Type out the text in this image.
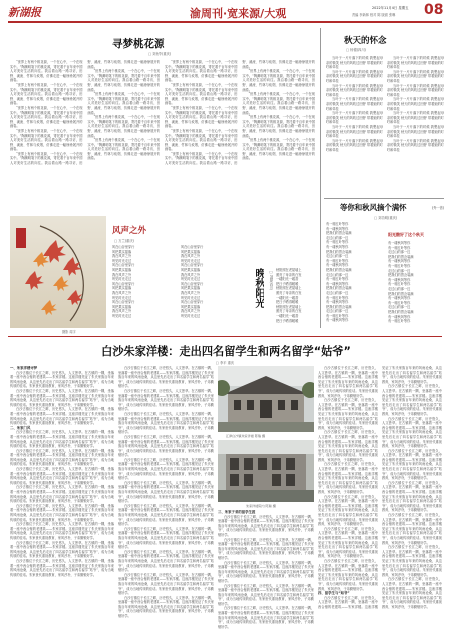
新湖报	渝周刊·宽来源/大观	2022年11月4日 星期五
责编 李新林 校对 陈 版面 张琳	08
寻梦桃花源
□ 刘鱼苓(重庆)

“世界上有两个桃花源，一个在心中，一个在现实中。”陶渊明笔下的桃花源，寄托着千百年来中国人对美好生活的向往。我沿着山路一路寻访，田野、溪流、竹林与炊烟，仿佛走进一幅徐徐展开的画卷。

“世界上有两个桃花源，一个在心中，一个在现实中。”陶渊明笔下的桃花源，寄托着千百年来中国人对美好生活的向往。我沿着山路一路寻访，田野、溪流、竹林与炊烟，仿佛走进一幅徐徐展开的画卷。

“世界上有两个桃花源，一个在心中，一个在现实中。”陶渊明笔下的桃花源，寄托着千百年来中国人对美好生活的向往。我沿着山路一路寻访，田野、溪流、竹林与炊烟，仿佛走进一幅徐徐展开的画卷。

“世界上有两个桃花源，一个在心中，一个在现实中。”陶渊明笔下的桃花源，寄托着千百年来中国人对美好生活的向往。我沿着山路一路寻访，田野、溪流、竹林与炊烟，仿佛走进一幅徐徐展开的画卷。

“世界上有两个桃花源，一个在心中，一个在现实中。”陶渊明笔下的桃花源，寄托着千百年来中国人对美好生活的向往。我沿着山路一路寻访，田野、溪流、竹林与炊烟，仿佛走进一幅徐徐展开的画卷。

“世界上有两个桃花源，一个在心中，一个在现实中。”陶渊明笔下的桃花源，寄托着千百年来中国人对美好生活的向往。我沿着山路一路寻访，田野、溪流、竹林与炊烟，仿佛走进一幅徐徐展开的画卷。

“世界上有两个桃花源，一个在心中，一个在现实中。”陶渊明笔下的桃花源，寄托着千百年来中国人对美好生活的向往。我沿着山路一路寻访，田野、溪流、竹林与炊烟，仿佛走进一幅徐徐展开的画卷。

“世界上有两个桃花源，一个在心中，一个在现实中。”陶渊明笔下的桃花源，寄托着千百年来中国人对美好生活的向往。我沿着山路一路寻访，田野、溪流、竹林与炊烟，仿佛走进一幅徐徐展开的画卷。

“世界上有两个桃花源，一个在心中，一个在现实中。”陶渊明笔下的桃花源，寄托着千百年来中国人对美好生活的向往。我沿着山路一路寻访，田野、溪流、竹林与炊烟，仿佛走进一幅徐徐展开的画卷。

“世界上有两个桃花源，一个在心中，一个在现实中。”陶渊明笔下的桃花源，寄托着千百年来中国人对美好生活的向往。我沿着山路一路寻访，田野、溪流、竹林与炊烟，仿佛走进一幅徐徐展开的画卷。

“世界上有两个桃花源，一个在心中，一个在现实中。”陶渊明笔下的桃花源，寄托着千百年来中国人对美好生活的向往。我沿着山路一路寻访，田野、溪流、竹林与炊烟，仿佛走进一幅徐徐展开的画卷。

“世界上有两个桃花源，一个在心中，一个在现实中。”陶渊明笔下的桃花源，寄托着千百年来中国人对美好生活的向往。我沿着山路一路寻访，田野、溪流、竹林与炊烟，仿佛走进一幅徐徐展开的画卷。

“世界上有两个桃花源，一个在心中，一个在现实中。”陶渊明笔下的桃花源，寄托着千百年来中国人对美好生活的向往。我沿着山路一路寻访，田野、溪流、竹林与炊烟，仿佛走进一幅徐徐展开的画卷。

“世界上有两个桃花源，一个在心中，一个在现实中。”陶渊明笔下的桃花源，寄托着千百年来中国人对美好生活的向往。我沿着山路一路寻访，田野、溪流、竹林与炊烟，仿佛走进一幅徐徐展开的画卷。

“世界上有两个桃花源，一个在心中，一个在现实中。”陶渊明笔下的桃花源，寄托着千百年来中国人对美好生活的向往。我沿着山路一路寻访，田野、溪流、竹林与炊烟，仿佛走进一幅徐徐展开的画卷。

“世界上有两个桃花源，一个在心中，一个在现实中。”陶渊明笔下的桃花源，寄托着千百年来中国人对美好生活的向往。我沿着山路一路寻访，田野、溪流、竹林与炊烟，仿佛走进一幅徐徐展开的画卷。

“世界上有两个桃花源，一个在心中，一个在现实中。”陶渊明笔下的桃花源，寄托着千百年来中国人对美好生活的向往。我沿着山路一路寻访，田野、溪流、竹林与炊烟，仿佛走进一幅徐徐展开的画卷。

“世界上有两个桃花源，一个在心中，一个在现实中。”陶渊明笔下的桃花源，寄托着千百年来中国人对美好生活的向往。我沿着山路一路寻访，田野、溪流、竹林与炊烟，仿佛走进一幅徐徐展开的画卷。

秋天的怀念
□ 杨德(四川)

当叶子一片片落下的时候 我想起母亲的微笑 秋天的风吹过田野 带着她的叮咛和牵挂

当叶子一片片落下的时候 我想起母亲的微笑 秋天的风吹过田野 带着她的叮咛和牵挂

当叶子一片片落下的时候 我想起母亲的微笑 秋天的风吹过田野 带着她的叮咛和牵挂

当叶子一片片落下的时候 我想起母亲的微笑 秋天的风吹过田野 带着她的叮咛和牵挂

当叶子一片片落下的时候 我想起母亲的微笑 秋天的风吹过田野 带着她的叮咛和牵挂

当叶子一片片落下的时候 我想起母亲的微笑 秋天的风吹过田野 带着她的叮咛和牵挂

当叶子一片片落下的时候 我想起母亲的微笑 秋天的风吹过田野 带着她的叮咛和牵挂

当叶子一片片落下的时候 我想起母亲的微笑 秋天的风吹过田野 带着她的叮咛和牵挂

当叶子一片片落下的时候 我想起母亲的微笑 秋天的风吹过田野 带着她的叮咛和牵挂

当叶子一片片落下的时候 我想起母亲的微笑 秋天的风吹过田野 带着她的叮咛和牵挂

当叶子一片片落下的时候 我想起母亲的微笑 秋天的风吹过田野 带着她的叮咛和牵挂

当叶子一片片落下的时候 我想起母亲的微笑 秋天的风吹过田野 带着她的叮咛和牵挂

当叶子一片片落下的时候 我想起母亲的微笑 秋天的风吹过田野 带着她的叮咛和牵挂

当叶子一片片落下的时候 我想起母亲的微笑 秋天的风吹过田野 带着她的叮咛和牵挂

等你和秋风摘个满怀	(外一首)
□ 刘功明(重庆)
有一树红叶等你
有一缕秋风等你
把我们的思念装满
走过山的那一边
有一树红叶等你
有一缕秋风等你
把我们的思念装满
走过山的那一边
有一树红叶等你
有一缕秋风等你
把我们的思念装满
走过山的那一边
有一树红叶等你
有一缕秋风等你
把我们的思念装满
走过山的那一边
有一树红叶等你
有一缕秋风等你
把我们的思念装满
走过山的那一边
有一树红叶等你
有一缕秋风等你
阳光酿好了这个秋天
有一缕秋风等你
有一树红叶等你
走过山的那一边
把我们的思念装满
有一缕秋风等你
有一树红叶等你
走过山的那一边
把我们的思念装满
有一缕秋风等你
有一树红叶等你
走过山的那一边
把我们的思念装满
有一缕秋风等你
有一树红叶等你
走过山的那一边
把我们的思念装满
有一缕秋风等你
有一树红叶等你
摄影 周宇
风声之外
□ 万兰(重庆)
风在山谷里穿行
风把果实摇落
我在风声之外
听见时光走过
风在山谷里穿行
风把果实摇落
我在风声之外
听见时光走过
风在山谷里穿行
风把果实摇落
我在风声之外
听见时光走过
风在山谷里穿行
风把果实摇落
我在风声之外
听见时光走过
风在山谷里穿行
风把果实摇落
我在风声之外
听见时光走过
风在山谷里穿行
风把果实摇落
我在风声之外
听见时光走过
风在山谷里穿行
风把果实摇落
我在风声之外
听见时光走过
风在山谷里穿行
风把果实摇落
我在风声之外
听见时光走过
晚秋阳光	□ 刘婧(四川) 秋阳照在老屋墙上
照亮了母亲的白发
一缕阳光一缕香
把日子晒得暖暖
秋阳照在老屋墙上
照亮了母亲的白发
一缕阳光一缕香
把日子晒得暖暖
秋阳照在老屋墙上
照亮了母亲的白发
一缕阳光一缕香
把日子晒得暖暖
白沙朱家洋楼：走出四名留学生和两名留学“姑爷”
□ 李平 重庆
一、朱家洋楼寻梦

白沙古镇位于长江之畔，历史悠久，人文荟萃。在古镇的一隅，坐落着一座中西合璧的老建筑——朱家洋楼。这座洋楼见证了朱氏家族百年来的风雨沧桑，从这里先后走出了四名留学生和两名留学“姑爷”，成为当地传颂的佳话。朱家世代重视教育，家风淳朴，子弟勤勉好学。

白沙古镇位于长江之畔，历史悠久，人文荟萃。在古镇的一隅，坐落着一座中西合璧的老建筑——朱家洋楼。这座洋楼见证了朱氏家族百年来的风雨沧桑，从这里先后走出了四名留学生和两名留学“姑爷”，成为当地传颂的佳话。朱家世代重视教育，家风淳朴，子弟勤勉好学。

白沙古镇位于长江之畔，历史悠久，人文荟萃。在古镇的一隅，坐落着一座中西合璧的老建筑——朱家洋楼。这座洋楼见证了朱氏家族百年来的风雨沧桑，从这里先后走出了四名留学生和两名留学“姑爷”，成为当地传颂的佳话。朱家世代重视教育，家风淳朴，子弟勤勉好学。

二、朱家门风

白沙古镇位于长江之畔，历史悠久，人文荟萃。在古镇的一隅，坐落着一座中西合璧的老建筑——朱家洋楼。这座洋楼见证了朱氏家族百年来的风雨沧桑，从这里先后走出了四名留学生和两名留学“姑爷”，成为当地传颂的佳话。朱家世代重视教育，家风淳朴，子弟勤勉好学。

白沙古镇位于长江之畔，历史悠久，人文荟萃。在古镇的一隅，坐落着一座中西合璧的老建筑——朱家洋楼。这座洋楼见证了朱氏家族百年来的风雨沧桑，从这里先后走出了四名留学生和两名留学“姑爷”，成为当地传颂的佳话。朱家世代重视教育，家风淳朴，子弟勤勉好学。

白沙古镇位于长江之畔，历史悠久，人文荟萃。在古镇的一隅，坐落着一座中西合璧的老建筑——朱家洋楼。这座洋楼见证了朱氏家族百年来的风雨沧桑，从这里先后走出了四名留学生和两名留学“姑爷”，成为当地传颂的佳话。朱家世代重视教育，家风淳朴，子弟勤勉好学。

白沙古镇位于长江之畔，历史悠久，人文荟萃。在古镇的一隅，坐落着一座中西合璧的老建筑——朱家洋楼。这座洋楼见证了朱氏家族百年来的风雨沧桑，从这里先后走出了四名留学生和两名留学“姑爷”，成为当地传颂的佳话。朱家世代重视教育，家风淳朴，子弟勤勉好学。

白沙古镇位于长江之畔，历史悠久，人文荟萃。在古镇的一隅，坐落着一座中西合璧的老建筑——朱家洋楼。这座洋楼见证了朱氏家族百年来的风雨沧桑，从这里先后走出了四名留学生和两名留学“姑爷”，成为当地传颂的佳话。朱家世代重视教育，家风淳朴，子弟勤勉好学。

白沙古镇位于长江之畔，历史悠久，人文荟萃。在古镇的一隅，坐落着一座中西合璧的老建筑——朱家洋楼。这座洋楼见证了朱氏家族百年来的风雨沧桑，从这里先后走出了四名留学生和两名留学“姑爷”，成为当地传颂的佳话。朱家世代重视教育，家风淳朴，子弟勤勉好学。

白沙古镇位于长江之畔，历史悠久，人文荟萃。在古镇的一隅，坐落着一座中西合璧的老建筑——朱家洋楼。这座洋楼见证了朱氏家族百年来的风雨沧桑，从这里先后走出了四名留学生和两名留学“姑爷”，成为当地传颂的佳话。朱家世代重视教育，家风淳朴，子弟勤勉好学。

白沙古镇位于长江之畔，历史悠久，人文荟萃。在古镇的一隅，坐落着一座中西合璧的老建筑——朱家洋楼。这座洋楼见证了朱氏家族百年来的风雨沧桑，从这里先后走出了四名留学生和两名留学“姑爷”，成为当地传颂的佳话。朱家世代重视教育，家风淳朴，子弟勤勉好学。

白沙古镇位于长江之畔，历史悠久，人文荟萃。在古镇的一隅，坐落着一座中西合璧的老建筑——朱家洋楼。这座洋楼见证了朱氏家族百年来的风雨沧桑，从这里先后走出了四名留学生和两名留学“姑爷”，成为当地传颂的佳话。朱家世代重视教育，家风淳朴，子弟勤勉好学。

白沙古镇位于长江之畔，历史悠久，人文荟萃。在古镇的一隅，坐落着一座中西合璧的老建筑——朱家洋楼。这座洋楼见证了朱氏家族百年来的风雨沧桑，从这里先后走出了四名留学生和两名留学“姑爷”，成为当地传颂的佳话。朱家世代重视教育，家风淳朴，子弟勤勉好学。

白沙古镇位于长江之畔，历史悠久，人文荟萃。在古镇的一隅，坐落着一座中西合璧的老建筑——朱家洋楼。这座洋楼见证了朱氏家族百年来的风雨沧桑，从这里先后走出了四名留学生和两名留学“姑爷”，成为当地传颂的佳话。朱家世代重视教育，家风淳朴，子弟勤勉好学。

白沙古镇位于长江之畔，历史悠久，人文荟萃。在古镇的一隅，坐落着一座中西合璧的老建筑——朱家洋楼。这座洋楼见证了朱氏家族百年来的风雨沧桑，从这里先后走出了四名留学生和两名留学“姑爷”，成为当地传颂的佳话。朱家世代重视教育，家风淳朴，子弟勤勉好学。

白沙古镇位于长江之畔，历史悠久，人文荟萃。在古镇的一隅，坐落着一座中西合璧的老建筑——朱家洋楼。这座洋楼见证了朱氏家族百年来的风雨沧桑，从这里先后走出了四名留学生和两名留学“姑爷”，成为当地传颂的佳话。朱家世代重视教育，家风淳朴，子弟勤勉好学。

白沙古镇位于长江之畔，历史悠久，人文荟萃。在古镇的一隅，坐落着一座中西合璧的老建筑——朱家洋楼。这座洋楼见证了朱氏家族百年来的风雨沧桑，从这里先后走出了四名留学生和两名留学“姑爷”，成为当地传颂的佳话。朱家世代重视教育，家风淳朴，子弟勤勉好学。

白沙古镇位于长江之畔，历史悠久，人文荟萃。在古镇的一隅，坐落着一座中西合璧的老建筑——朱家洋楼。这座洋楼见证了朱氏家族百年来的风雨沧桑，从这里先后走出了四名留学生和两名留学“姑爷”，成为当地传颂的佳话。朱家世代重视教育，家风淳朴，子弟勤勉好学。

白沙古镇位于长江之畔，历史悠久，人文荟萃。在古镇的一隅，坐落着一座中西合璧的老建筑——朱家洋楼。这座洋楼见证了朱氏家族百年来的风雨沧桑，从这里先后走出了四名留学生和两名留学“姑爷”，成为当地传颂的佳话。朱家世代重视教育，家风淳朴，子弟勤勉好学。

白沙古镇位于长江之畔，历史悠久，人文荟萃。在古镇的一隅，坐落着一座中西合璧的老建筑——朱家洋楼。这座洋楼见证了朱氏家族百年来的风雨沧桑，从这里先后走出了四名留学生和两名留学“姑爷”，成为当地传颂的佳话。朱家世代重视教育，家风淳朴，子弟勤勉好学。

白沙古镇位于长江之畔，历史悠久，人文荟萃。在古镇的一隅，坐落着一座中西合璧的老建筑——朱家洋楼。这座洋楼见证了朱氏家族百年来的风雨沧桑，从这里先后走出了四名留学生和两名留学“姑爷”，成为当地传颂的佳话。朱家世代重视教育，家风淳朴，子弟勤勉好学。

白沙古镇位于长江之畔，历史悠久，人文荟萃。在古镇的一隅，坐落着一座中西合璧的老建筑——朱家洋楼。这座洋楼见证了朱氏家族百年来的风雨沧桑，从这里先后走出了四名留学生和两名留学“姑爷”，成为当地传颂的佳话。朱家世代重视教育，家风淳朴，子弟勤勉好学。

江津白沙镇朱家洋楼 陈瑞 摄
朱家洋楼院内 陈瑞 摄
三、朱家子弟的留学生涯

白沙古镇位于长江之畔，历史悠久，人文荟萃。在古镇的一隅，坐落着一座中西合璧的老建筑——朱家洋楼。这座洋楼见证了朱氏家族百年来的风雨沧桑，从这里先后走出了四名留学生和两名留学“姑爷”，成为当地传颂的佳话。朱家世代重视教育，家风淳朴，子弟勤勉好学。

白沙古镇位于长江之畔，历史悠久，人文荟萃。在古镇的一隅，坐落着一座中西合璧的老建筑——朱家洋楼。这座洋楼见证了朱氏家族百年来的风雨沧桑，从这里先后走出了四名留学生和两名留学“姑爷”，成为当地传颂的佳话。朱家世代重视教育，家风淳朴，子弟勤勉好学。

白沙古镇位于长江之畔，历史悠久，人文荟萃。在古镇的一隅，坐落着一座中西合璧的老建筑——朱家洋楼。这座洋楼见证了朱氏家族百年来的风雨沧桑，从这里先后走出了四名留学生和两名留学“姑爷”，成为当地传颂的佳话。朱家世代重视教育，家风淳朴，子弟勤勉好学。

白沙古镇位于长江之畔，历史悠久，人文荟萃。在古镇的一隅，坐落着一座中西合璧的老建筑——朱家洋楼。这座洋楼见证了朱氏家族百年来的风雨沧桑，从这里先后走出了四名留学生和两名留学“姑爷”，成为当地传颂的佳话。朱家世代重视教育，家风淳朴，子弟勤勉好学。

白沙古镇位于长江之畔，历史悠久，人文荟萃。在古镇的一隅，坐落着一座中西合璧的老建筑——朱家洋楼。这座洋楼见证了朱氏家族百年来的风雨沧桑，从这里先后走出了四名留学生和两名留学“姑爷”，成为当地传颂的佳话。朱家世代重视教育，家风淳朴，子弟勤勉好学。

白沙古镇位于长江之畔，历史悠久，人文荟萃。在古镇的一隅，坐落着一座中西合璧的老建筑——朱家洋楼。这座洋楼见证了朱氏家族百年来的风雨沧桑，从这里先后走出了四名留学生和两名留学“姑爷”，成为当地传颂的佳话。朱家世代重视教育，家风淳朴，子弟勤勉好学。

白沙古镇位于长江之畔，历史悠久，人文荟萃。在古镇的一隅，坐落着一座中西合璧的老建筑——朱家洋楼。这座洋楼见证了朱氏家族百年来的风雨沧桑，从这里先后走出了四名留学生和两名留学“姑爷”，成为当地传颂的佳话。朱家世代重视教育，家风淳朴，子弟勤勉好学。

白沙古镇位于长江之畔，历史悠久，人文荟萃。在古镇的一隅，坐落着一座中西合璧的老建筑——朱家洋楼。这座洋楼见证了朱氏家族百年来的风雨沧桑，从这里先后走出了四名留学生和两名留学“姑爷”，成为当地传颂的佳话。朱家世代重视教育，家风淳朴，子弟勤勉好学。

白沙古镇位于长江之畔，历史悠久，人文荟萃。在古镇的一隅，坐落着一座中西合璧的老建筑——朱家洋楼。这座洋楼见证了朱氏家族百年来的风雨沧桑，从这里先后走出了四名留学生和两名留学“姑爷”，成为当地传颂的佳话。朱家世代重视教育，家风淳朴，子弟勤勉好学。

白沙古镇位于长江之畔，历史悠久，人文荟萃。在古镇的一隅，坐落着一座中西合璧的老建筑——朱家洋楼。这座洋楼见证了朱氏家族百年来的风雨沧桑，从这里先后走出了四名留学生和两名留学“姑爷”，成为当地传颂的佳话。朱家世代重视教育，家风淳朴，子弟勤勉好学。

白沙古镇位于长江之畔，历史悠久，人文荟萃。在古镇的一隅，坐落着一座中西合璧的老建筑——朱家洋楼。这座洋楼见证了朱氏家族百年来的风雨沧桑，从这里先后走出了四名留学生和两名留学“姑爷”，成为当地传颂的佳话。朱家世代重视教育，家风淳朴，子弟勤勉好学。

白沙古镇位于长江之畔，历史悠久，人文荟萃。在古镇的一隅，坐落着一座中西合璧的老建筑——朱家洋楼。这座洋楼见证了朱氏家族百年来的风雨沧桑，从这里先后走出了四名留学生和两名留学“姑爷”，成为当地传颂的佳话。朱家世代重视教育，家风淳朴，子弟勤勉好学。

四、留学生与“姑爷”

白沙古镇位于长江之畔，历史悠久，人文荟萃。在古镇的一隅，坐落着一座中西合璧的老建筑——朱家洋楼。这座洋楼见证了朱氏家族百年来的风雨沧桑，从这里先后走出了四名留学生和两名留学“姑爷”，成为当地传颂的佳话。朱家世代重视教育，家风淳朴，子弟勤勉好学。

白沙古镇位于长江之畔，历史悠久，人文荟萃。在古镇的一隅，坐落着一座中西合璧的老建筑——朱家洋楼。这座洋楼见证了朱氏家族百年来的风雨沧桑，从这里先后走出了四名留学生和两名留学“姑爷”，成为当地传颂的佳话。朱家世代重视教育，家风淳朴，子弟勤勉好学。

白沙古镇位于长江之畔，历史悠久，人文荟萃。在古镇的一隅，坐落着一座中西合璧的老建筑——朱家洋楼。这座洋楼见证了朱氏家族百年来的风雨沧桑，从这里先后走出了四名留学生和两名留学“姑爷”，成为当地传颂的佳话。朱家世代重视教育，家风淳朴，子弟勤勉好学。

白沙古镇位于长江之畔，历史悠久，人文荟萃。在古镇的一隅，坐落着一座中西合璧的老建筑——朱家洋楼。这座洋楼见证了朱氏家族百年来的风雨沧桑，从这里先后走出了四名留学生和两名留学“姑爷”，成为当地传颂的佳话。朱家世代重视教育，家风淳朴，子弟勤勉好学。

白沙古镇位于长江之畔，历史悠久，人文荟萃。在古镇的一隅，坐落着一座中西合璧的老建筑——朱家洋楼。这座洋楼见证了朱氏家族百年来的风雨沧桑，从这里先后走出了四名留学生和两名留学“姑爷”，成为当地传颂的佳话。朱家世代重视教育，家风淳朴，子弟勤勉好学。

白沙古镇位于长江之畔，历史悠久，人文荟萃。在古镇的一隅，坐落着一座中西合璧的老建筑——朱家洋楼。这座洋楼见证了朱氏家族百年来的风雨沧桑，从这里先后走出了四名留学生和两名留学“姑爷”，成为当地传颂的佳话。朱家世代重视教育，家风淳朴，子弟勤勉好学。

白沙古镇位于长江之畔，历史悠久，人文荟萃。在古镇的一隅，坐落着一座中西合璧的老建筑——朱家洋楼。这座洋楼见证了朱氏家族百年来的风雨沧桑，从这里先后走出了四名留学生和两名留学“姑爷”，成为当地传颂的佳话。朱家世代重视教育，家风淳朴，子弟勤勉好学。

白沙古镇位于长江之畔，历史悠久，人文荟萃。在古镇的一隅，坐落着一座中西合璧的老建筑——朱家洋楼。这座洋楼见证了朱氏家族百年来的风雨沧桑，从这里先后走出了四名留学生和两名留学“姑爷”，成为当地传颂的佳话。朱家世代重视教育，家风淳朴，子弟勤勉好学。
